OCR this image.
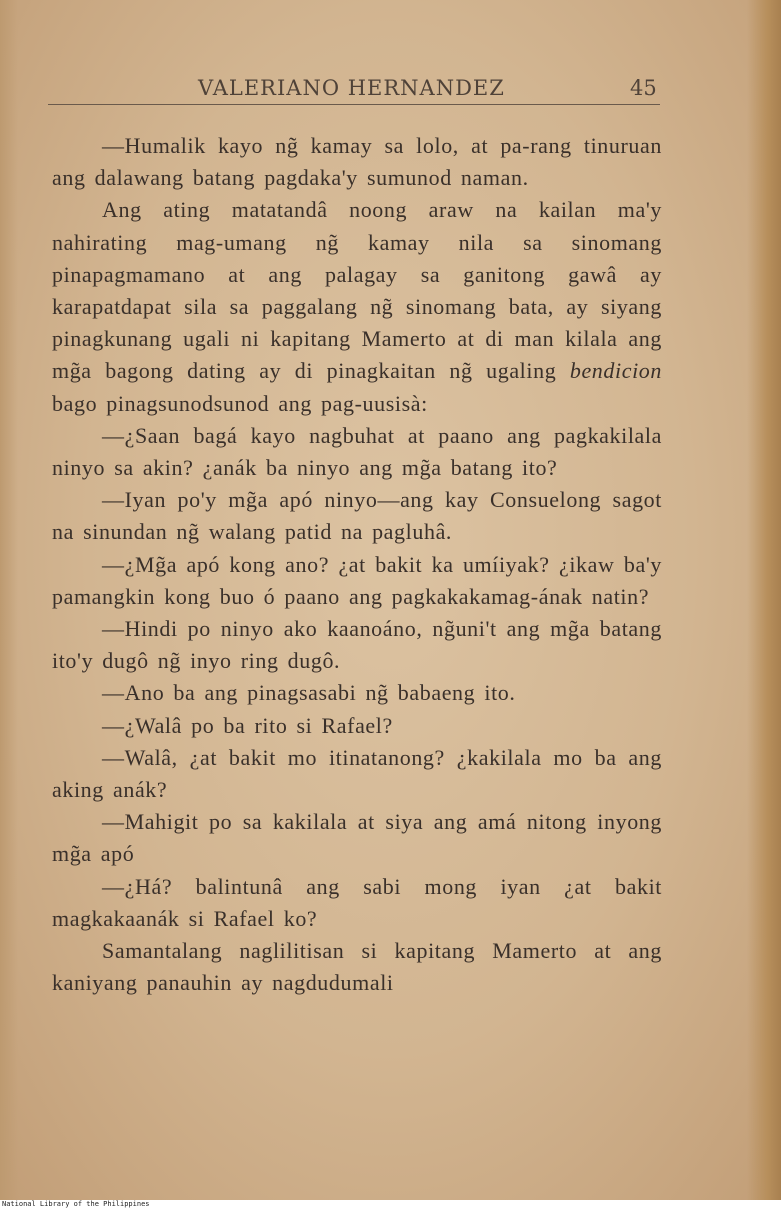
VALERIANO HERNANDEZ	45

—Humalik kayo ng̃ kamay sa lolo, at pa-rang tinuruan ang dalawang batang pagdaka'y sumunod naman.

Ang ating matatandâ noong araw na kailan ma'y nahirating mag-umang ng̃ kamay nila sa sinomang pinapagmamano at ang palagay sa ganitong gawâ ay karapatdapat sila sa paggalang ng̃ sinomang bata, ay siyang pinagkunang ugali ni kapitang Mamerto at di man kilala ang mg̃a bagong dating ay di pinagkaitan ng̃ ugaling bendicion bago pinagsunodsunod ang pag-uusisà:

—¿Saan bagá kayo nagbuhat at paano ang pagkakilala ninyo sa akin? ¿anák ba ninyo ang mg̃a batang ito?

—Iyan po'y mg̃a apó ninyo—ang kay Consuelong sagot na sinundan ng̃ walang patid na pagluhâ.

—¿Mg̃a apó kong ano? ¿at bakit ka umíiyak? ¿ikaw ba'y pamangkin kong buo ó paano ang pagkakakamag-ának natin?

—Hindi po ninyo ako kaanoáno, ng̃uni't ang mg̃a batang ito'y dugô ng̃ inyo ring dugô.

—Ano ba ang pinagsasabi ng̃ babaeng ito.

—¿Walâ po ba rito si Rafael?

—Walâ, ¿at bakit mo itinatanong? ¿kakilala mo ba ang aking anák?

—Mahigit po sa kakilala at siya ang amá nitong inyong mg̃a apó

—¿Há? balintunâ ang sabi mong iyan ¿at bakit magkakaanák si Rafael ko?

Samantalang naglilitisan si kapitang Mamerto at ang kaniyang panauhin ay nagdudumali

National Library of the Philippines
